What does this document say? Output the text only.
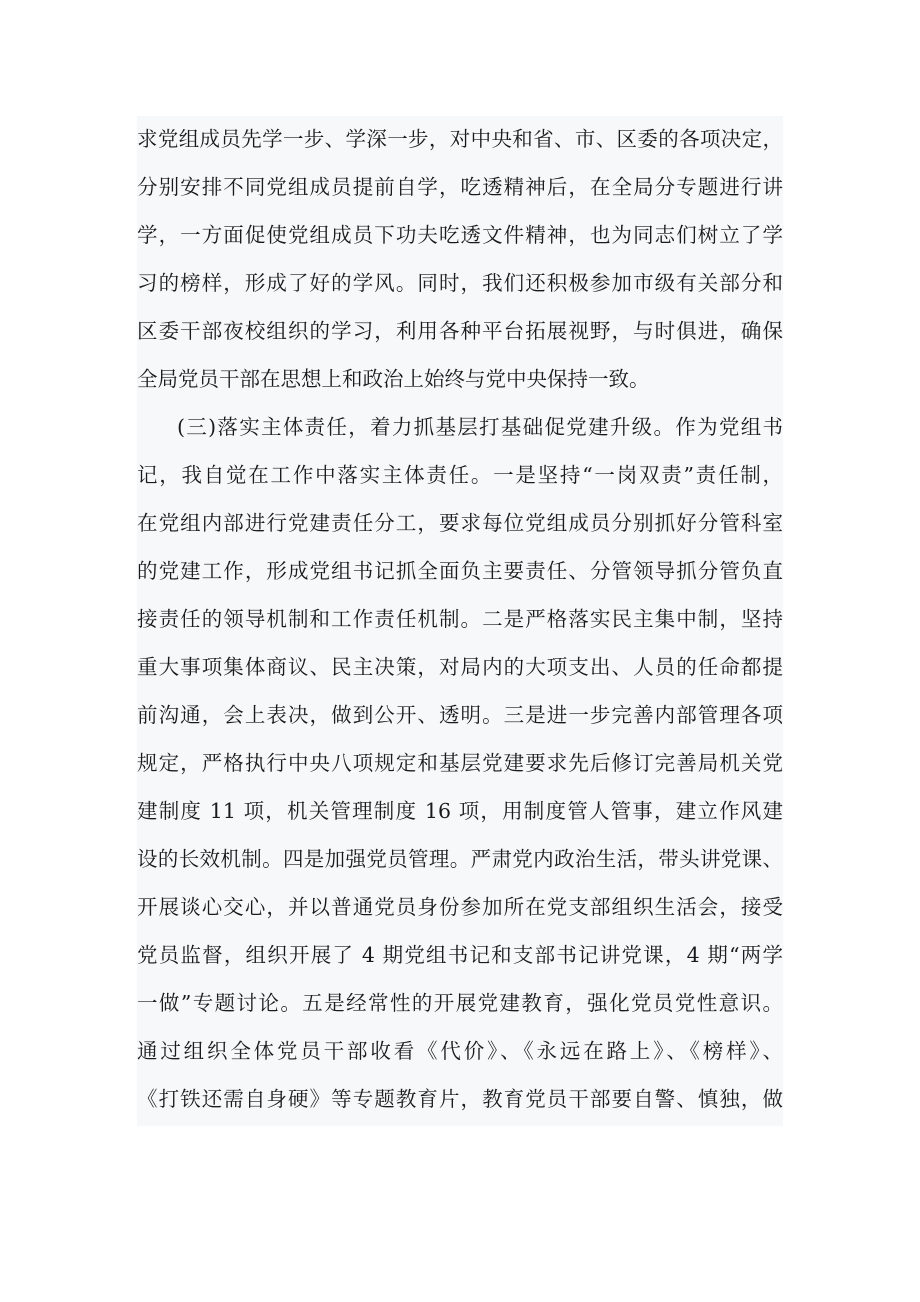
求党组成员先学一步、学深一步，对中央和省、市、区委的各项决定，
分别安排不同党组成员提前自学，吃透精神后，在全局分专题进行讲
学，一方面促使党组成员下功夫吃透文件精神，也为同志们树立了学
习的榜样，形成了好的学风。同时，我们还积极参加市级有关部分和
区委干部夜校组织的学习，利用各种平台拓展视野，与时俱进，确保
全局党员干部在思想上和政治上始终与党中央保持一致。
(三)落实主体责任，着力抓基层打基础促党建升级。作为党组书
记，我自觉在工作中落实主体责任。一是坚持“一岗双责”责任制，
在党组内部进行党建责任分工，要求每位党组成员分别抓好分管科室
的党建工作，形成党组书记抓全面负主要责任、分管领导抓分管负直
接责任的领导机制和工作责任机制。二是严格落实民主集中制，坚持
重大事项集体商议、民主决策，对局内的大项支出、人员的任命都提
前沟通，会上表决，做到公开、透明。三是进一步完善内部管理各项
规定，严格执行中央八项规定和基层党建要求先后修订完善局机关党
建制度 11 项，机关管理制度 16 项，用制度管人管事，建立作风建
设的长效机制。四是加强党员管理。严肃党内政治生活，带头讲党课、
开展谈心交心，并以普通党员身份参加所在党支部组织生活会，接受
党员监督，组织开展了 4 期党组书记和支部书记讲党课，4 期“两学
一做”专题讨论。五是经常性的开展党建教育，强化党员党性意识。
通过组织全体党员干部收看《代价》、《永远在路上》、《榜样》、
《打铁还需自身硬》等专题教育片，教育党员干部要自警、慎独，做
